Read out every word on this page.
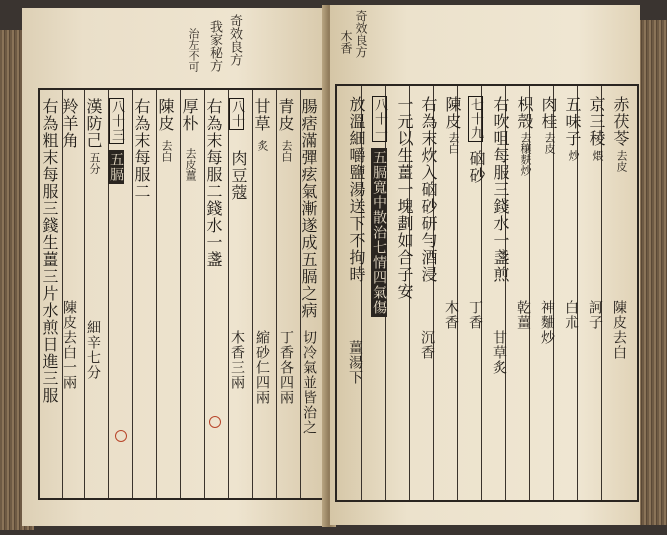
奇效良方
我家秘方
治左不可
腸痞滿彈痃氣漸遂成五膈之病
切冷氣並皆治之
青皮
去白
丁香各四兩
甘草
炙
縮砂仁四兩
八十
肉豆蔻
木香三兩
右為末每服二錢水一盞
厚朴
去皮薑
陳皮
去白
右為末每服二
八十三
五膈
漢防己
五分
細辛七分
羚羊角
陳皮去白一兩
右為粗末每服三錢生薑三片水煎日進三服
奇效良方
木香
赤茯苓
去皮
陳皮去白
京三稜
煨
訶子
五味子
炒
白朮
肉桂
去皮
神麯炒
枳殼
去穰麩炒
乾薑
右吹咀每服三錢水一盞煎
甘草炙
七十九
硇砂
丁香
陳皮
去白
木香
右為末炊入硇砂研勻酒浸
沉香
一元以生薑一塊劃如合子安
八十一
五膈寬中散治七情四氣傷
放溫細嚼鹽湯送下不拘時
薑湯下
